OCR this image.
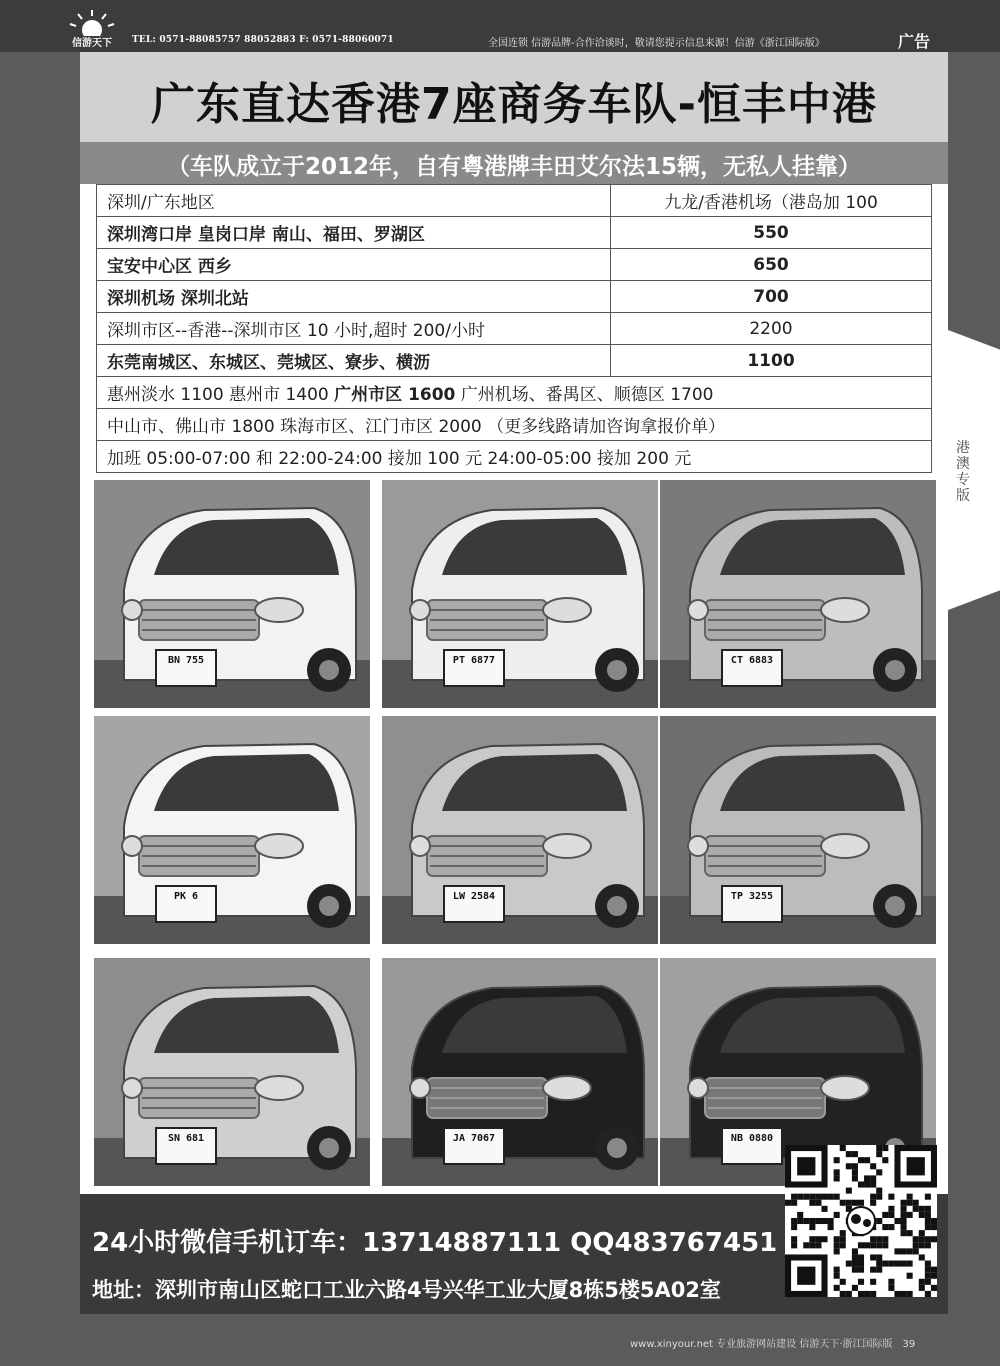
信游天下	TEL: 0571-88085757 88052883 F: 0571-88060071	全国连锁 信游品牌-合作洽谈时，敬请您提示信息来源！信游《浙江国际版》	广告
港澳专版
广东直达香港7座商务车队-恒丰中港
（车队成立于2012年，自有粤港牌丰田艾尔法15辆，无私人挂靠）
深圳/广东地区	九龙/香港机场（港岛加 100
深圳湾口岸 皇岗口岸 南山、福田、罗湖区	550
宝安中心区 西乡	650
深圳机场 深圳北站	700
深圳市区--香港--深圳市区 10 小时,超时 200/小时	2200
东莞南城区、东城区、莞城区、寮步、横沥	1100
惠州淡水 1100 惠州市 1400 广州市区 1600 广州机场、番禺区、顺德区 1700	
中山市、佛山市 1800 珠海市区、江门市区 2000 （更多线路请加咨询拿报价单）	
加班 05:00-07:00 和 22:00-24:00 接加 100 元 24:00-05:00 接加 200 元	
BN 755	PT 6877	CT 6883
PK 6	LW 2584	TP 3255
SN 681	JA 7067	NB 0880
24小时微信手机订车：13714887111 QQ483767451
地址：深圳市南山区蛇口工业六路4号兴华工业大厦8栋5楼5A02室
www.xinyour.net 专业旅游网站建设 信游天下·浙江国际版 39
